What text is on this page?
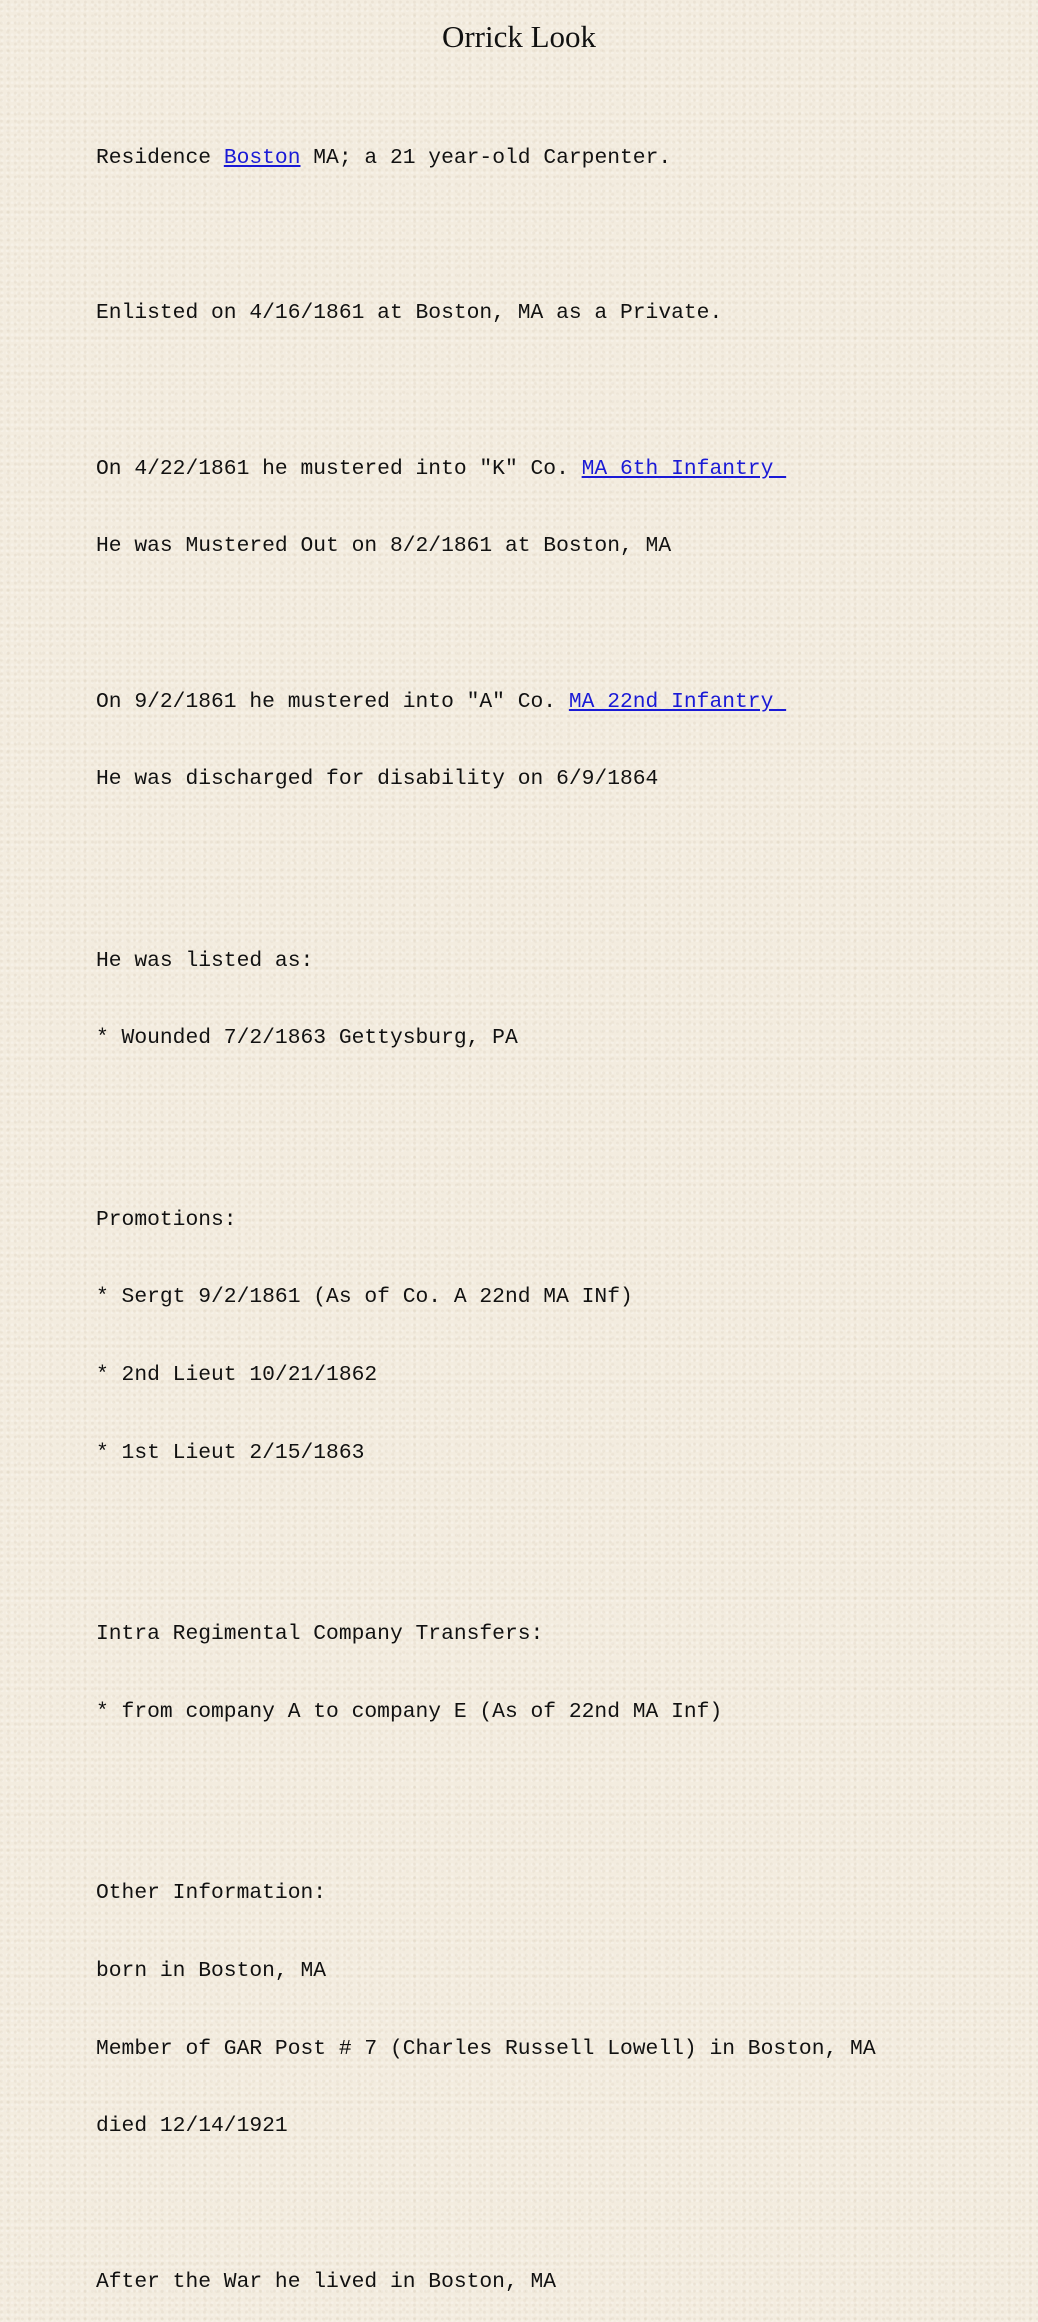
Orrick Look

Residence Boston MA; a 21 year-old Carpenter.

Enlisted on 4/16/1861 at Boston, MA as a Private.

On 4/22/1861 he mustered into "K" Co. MA 6th Infantry

He was Mustered Out on 8/2/1861 at Boston, MA

On 9/2/1861 he mustered into "A" Co. MA 22nd Infantry

He was discharged for disability on 6/9/1864

He was listed as:

* Wounded 7/2/1863 Gettysburg, PA

Promotions:

* Sergt 9/2/1861 (As of Co. A 22nd MA INf)

* 2nd Lieut 10/21/1862

* 1st Lieut 2/15/1863

Intra Regimental Company Transfers:

* from company A to company E (As of 22nd MA Inf)

Other Information:

born in Boston, MA

Member of GAR Post # 7 (Charles Russell Lowell) in Boston, MA

died 12/14/1921

After the War he lived in Boston, MA
